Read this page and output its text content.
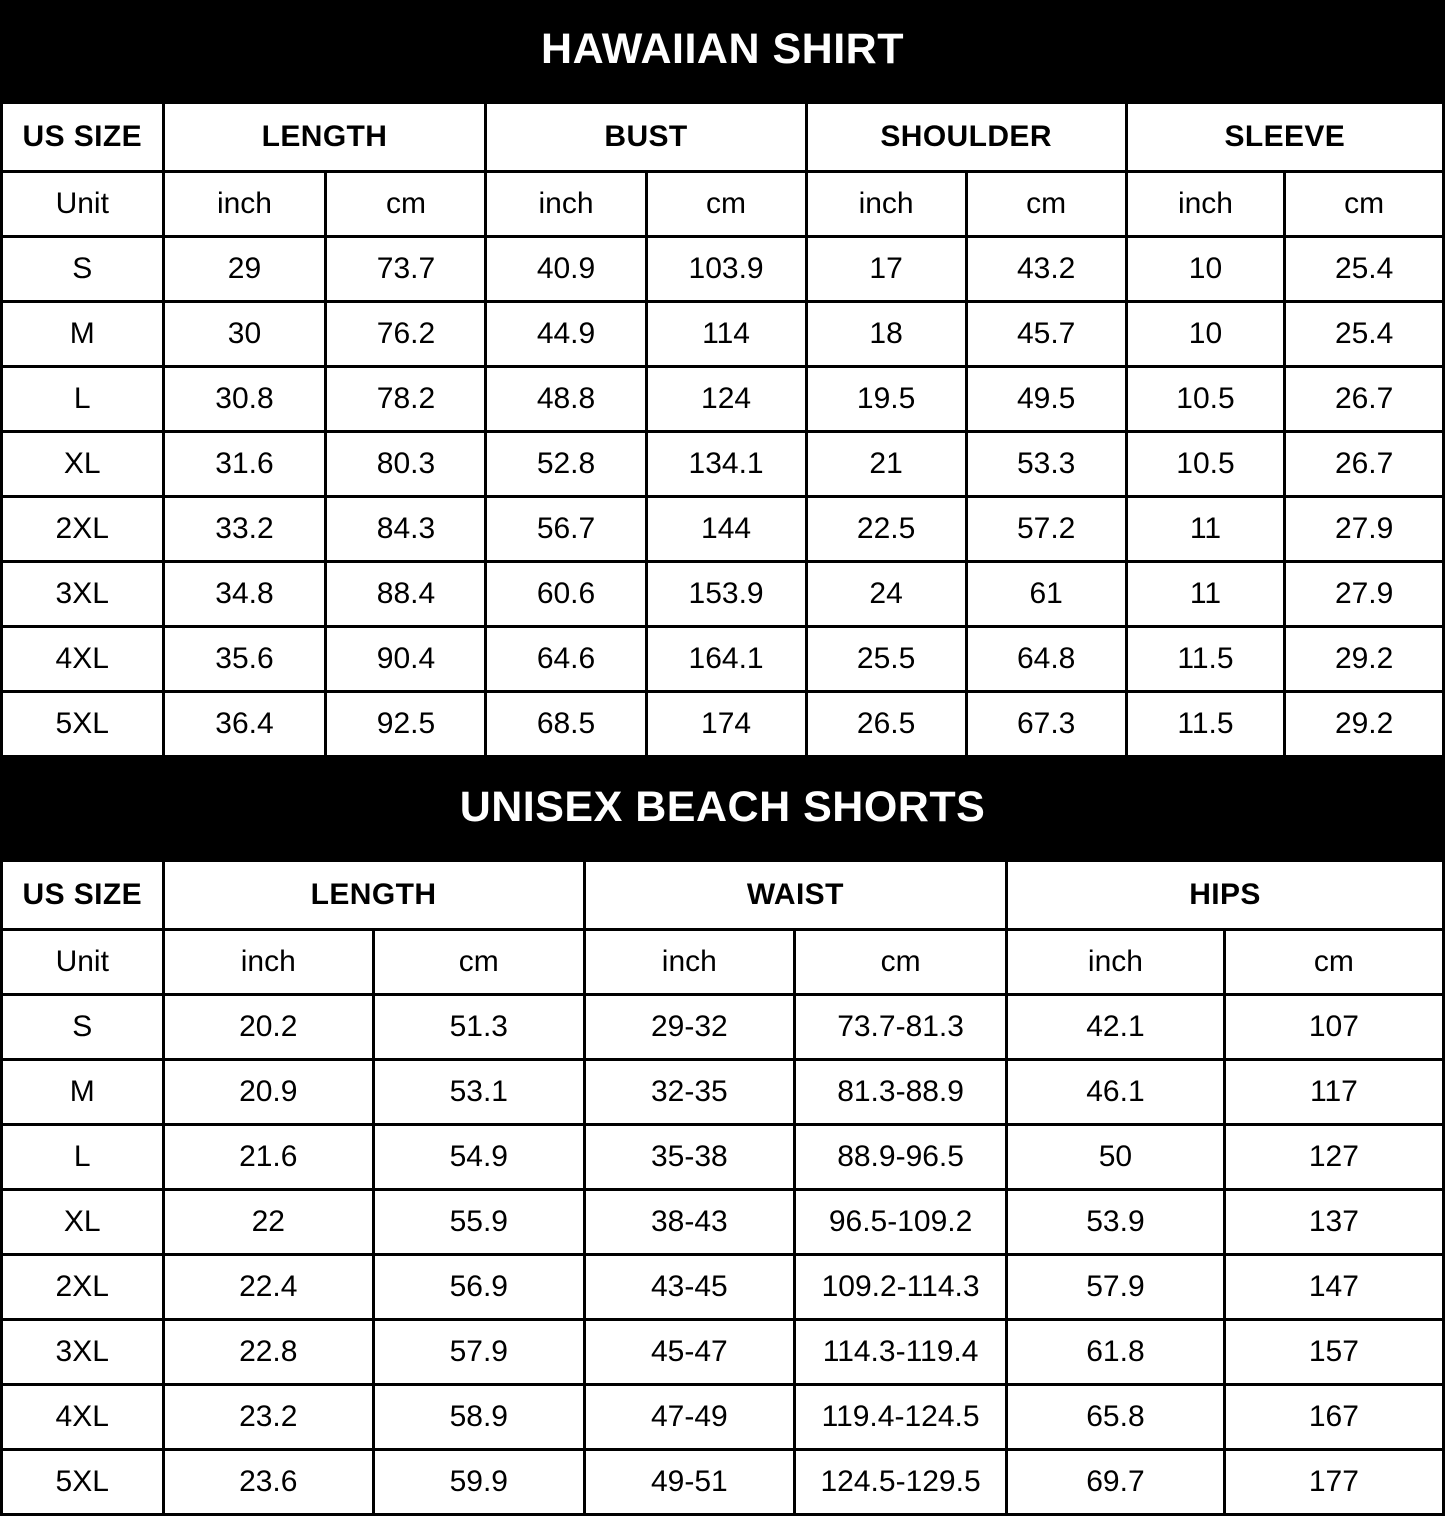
HAWAIIAN SHIRT
US SIZE	LENGTH		BUST		SHOULDER		SLEEVE	
Unit	inch	cm	inch	cm	inch	cm	inch	cm
S	29	73.7	40.9	103.9	17	43.2	10	25.4
M	30	76.2	44.9	114	18	45.7	10	25.4
L	30.8	78.2	48.8	124	19.5	49.5	10.5	26.7
XL	31.6	80.3	52.8	134.1	21	53.3	10.5	26.7
2XL	33.2	84.3	56.7	144	22.5	57.2	11	27.9
3XL	34.8	88.4	60.6	153.9	24	61	11	27.9
4XL	35.6	90.4	64.6	164.1	25.5	64.8	11.5	29.2
5XL	36.4	92.5	68.5	174	26.5	67.3	11.5	29.2
UNISEX BEACH SHORTS
US SIZE	LENGTH		WAIST		HIPS	
Unit	inch	cm	inch	cm	inch	cm
S	20.2	51.3	29-32	73.7-81.3	42.1	107
M	20.9	53.1	32-35	81.3-88.9	46.1	117
L	21.6	54.9	35-38	88.9-96.5	50	127
XL	22	55.9	38-43	96.5-109.2	53.9	137
2XL	22.4	56.9	43-45	109.2-114.3	57.9	147
3XL	22.8	57.9	45-47	114.3-119.4	61.8	157
4XL	23.2	58.9	47-49	119.4-124.5	65.8	167
5XL	23.6	59.9	49-51	124.5-129.5	69.7	177
